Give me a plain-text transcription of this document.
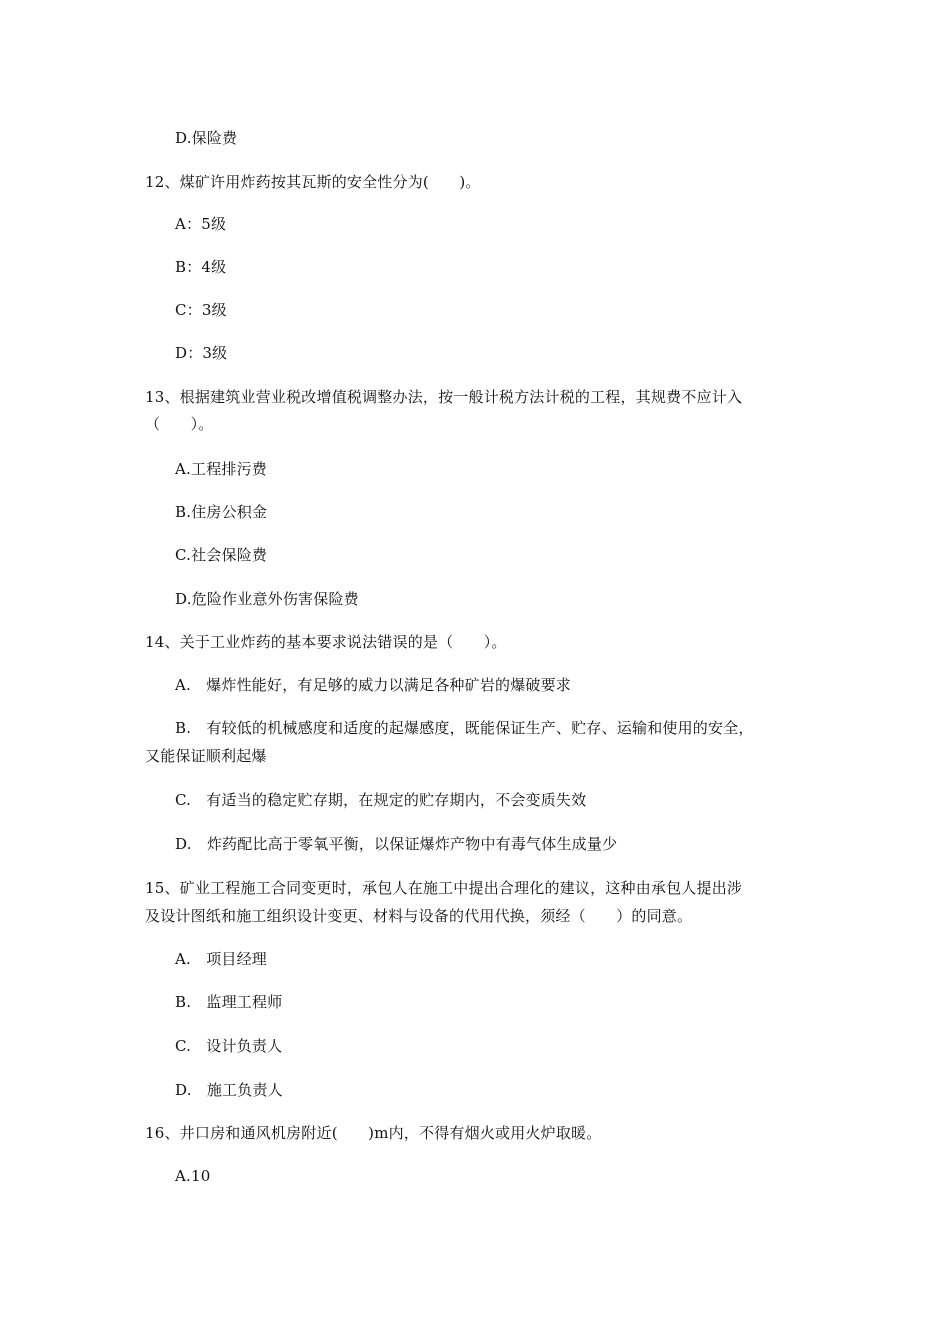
D.保险费
12、煤矿许用炸药按其瓦斯的安全性分为(　　)。
A：5级
B：4级
C：3级
D：3级
13、根据建筑业营业税改增值税调整办法，按一般计税方法计税的工程，其规费不应计入
（　　）。
A.工程排污费
B.住房公积金
C.社会保险费
D.危险作业意外伤害保险费
14、关于工业炸药的基本要求说法错误的是（　　）。
A.　爆炸性能好，有足够的威力以满足各种矿岩的爆破要求
B.　有较低的机械感度和适度的起爆感度，既能保证生产、贮存、运输和使用的安全，
又能保证顺利起爆
C.　有适当的稳定贮存期，在规定的贮存期内，不会变质失效
D.　炸药配比高于零氧平衡，以保证爆炸产物中有毒气体生成量少
15、矿业工程施工合同变更时，承包人在施工中提出合理化的建议，这种由承包人提出涉
及设计图纸和施工组织设计变更、材料与设备的代用代换，须经（　　）的同意。
A.　项目经理
B.　监理工程师
C.　设计负责人
D.　施工负责人
16、井口房和通风机房附近(　　)m内，不得有烟火或用火炉取暖。
A.10
